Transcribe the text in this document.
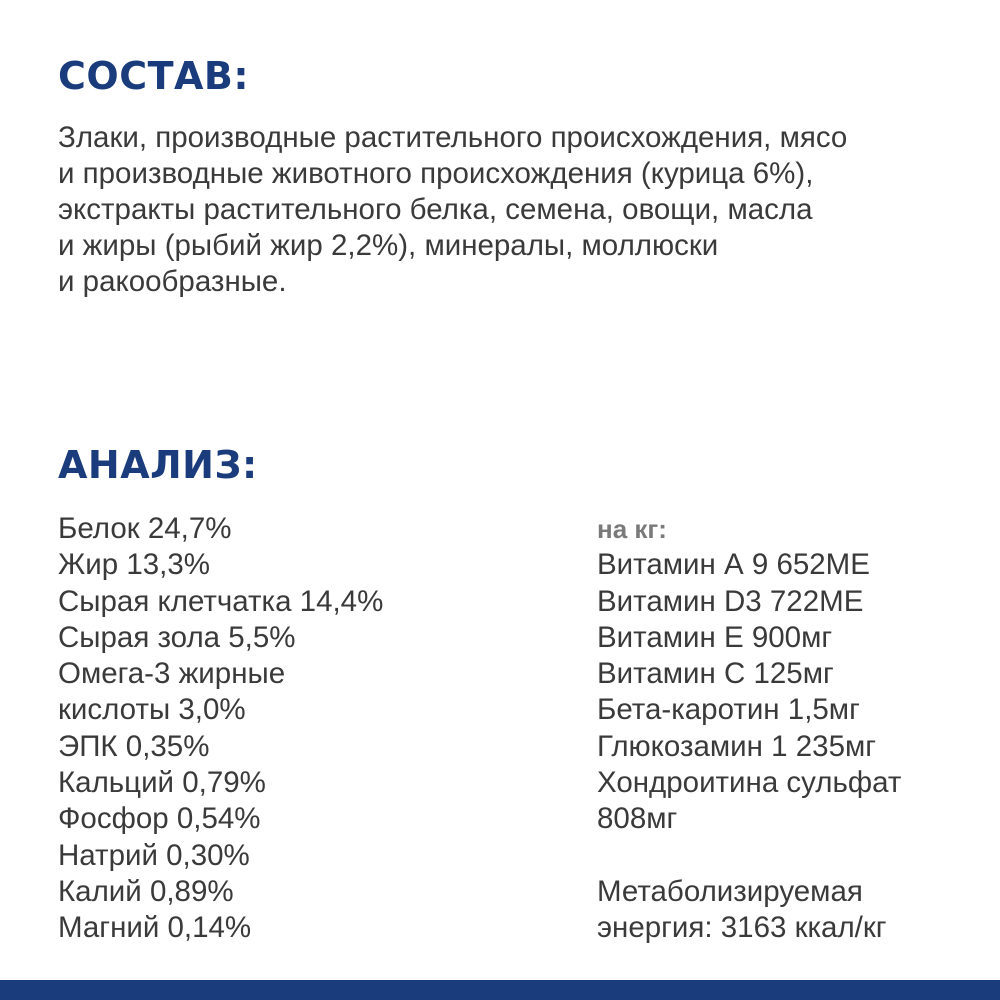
СОСТАВ:
Злаки, производные растительного происхождения, мясо
и производные животного происхождения (курица 6%),
экстракты растительного белка, семена, овощи, масла
и жиры (рыбий жир 2,2%), минералы, моллюски
и ракообразные.
АНАЛИЗ:
Белок 24,7%
Жир 13,3%
Сырая клетчатка 14,4%
Сырая зола 5,5%
Омега-3 жирные
кислоты 3,0%
ЭПК 0,35%
Кальций 0,79%
Фосфор 0,54%
Натрий 0,30%
Калий 0,89%
Магний 0,14%
на кг:
Витамин А 9 652МЕ
Витамин D3 722МЕ
Витамин Е 900мг
Витамин С 125мг
Бета-каротин 1,5мг
Глюкозамин 1 235мг
Хондроитина сульфат
808мг
Метаболизируемая
энергия: 3163 ккал/кг
